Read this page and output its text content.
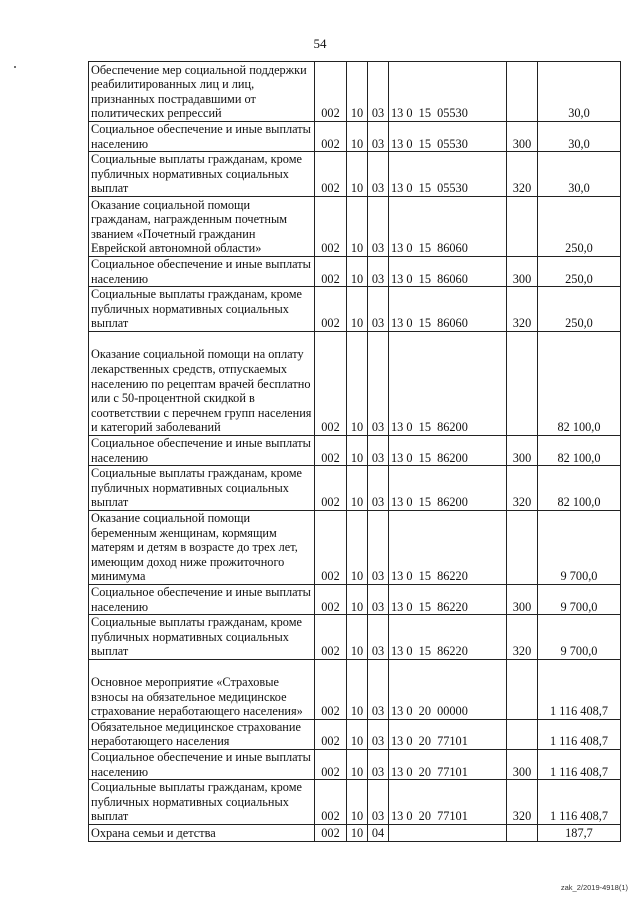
54
Обеспечение мер социальной поддержки реабилитированных лиц и лиц, признанных пострадавшими от политических репрессий	002	10	03	13 0  15  05530		30,0
Социальное обеспечение и иные выплаты населению	002	10	03	13 0  15  05530	300	30,0
Социальные выплаты гражданам, кроме публичных нормативных социальных выплат	002	10	03	13 0  15  05530	320	30,0
Оказание социальной помощи гражданам, награжденным почетным званием «Почетный гражданин Еврейской автономной области»	002	10	03	13 0  15  86060		250,0
Социальное обеспечение и иные выплаты населению	002	10	03	13 0  15  86060	300	250,0
Социальные выплаты гражданам, кроме публичных нормативных социальных выплат	002	10	03	13 0  15  86060	320	250,0
Оказание социальной помощи на оплату лекарственных средств, отпускаемых населению по рецептам врачей бесплатно или с 50-процентной скидкой в соответствии с перечнем групп населения и категорий заболеваний	002	10	03	13 0  15  86200		82 100,0
Социальное обеспечение и иные выплаты населению	002	10	03	13 0  15  86200	300	82 100,0
Социальные выплаты гражданам, кроме публичных нормативных социальных выплат	002	10	03	13 0  15  86200	320	82 100,0
Оказание социальной помощи беременным женщинам, кормящим матерям и детям в возрасте до трех лет, имеющим доход ниже прожиточного минимума	002	10	03	13 0  15  86220		9 700,0
Социальное обеспечение и иные выплаты населению	002	10	03	13 0  15  86220	300	9 700,0
Социальные выплаты гражданам, кроме публичных нормативных социальных выплат	002	10	03	13 0  15  86220	320	9 700,0
Основное мероприятие «Страховые взносы на обязательное медицинское страхование неработающего населения»	002	10	03	13 0  20  00000		1 116 408,7
Обязательное медицинское страхование неработающего населения	002	10	03	13 0  20  77101		1 116 408,7
Социальное обеспечение и иные выплаты населению	002	10	03	13 0  20  77101	300	1 116 408,7
Социальные выплаты гражданам, кроме публичных нормативных социальных выплат	002	10	03	13 0  20  77101	320	1 116 408,7
Охрана семьи и детства	002	10	04			187,7
zak_2/2019-4918(1)
